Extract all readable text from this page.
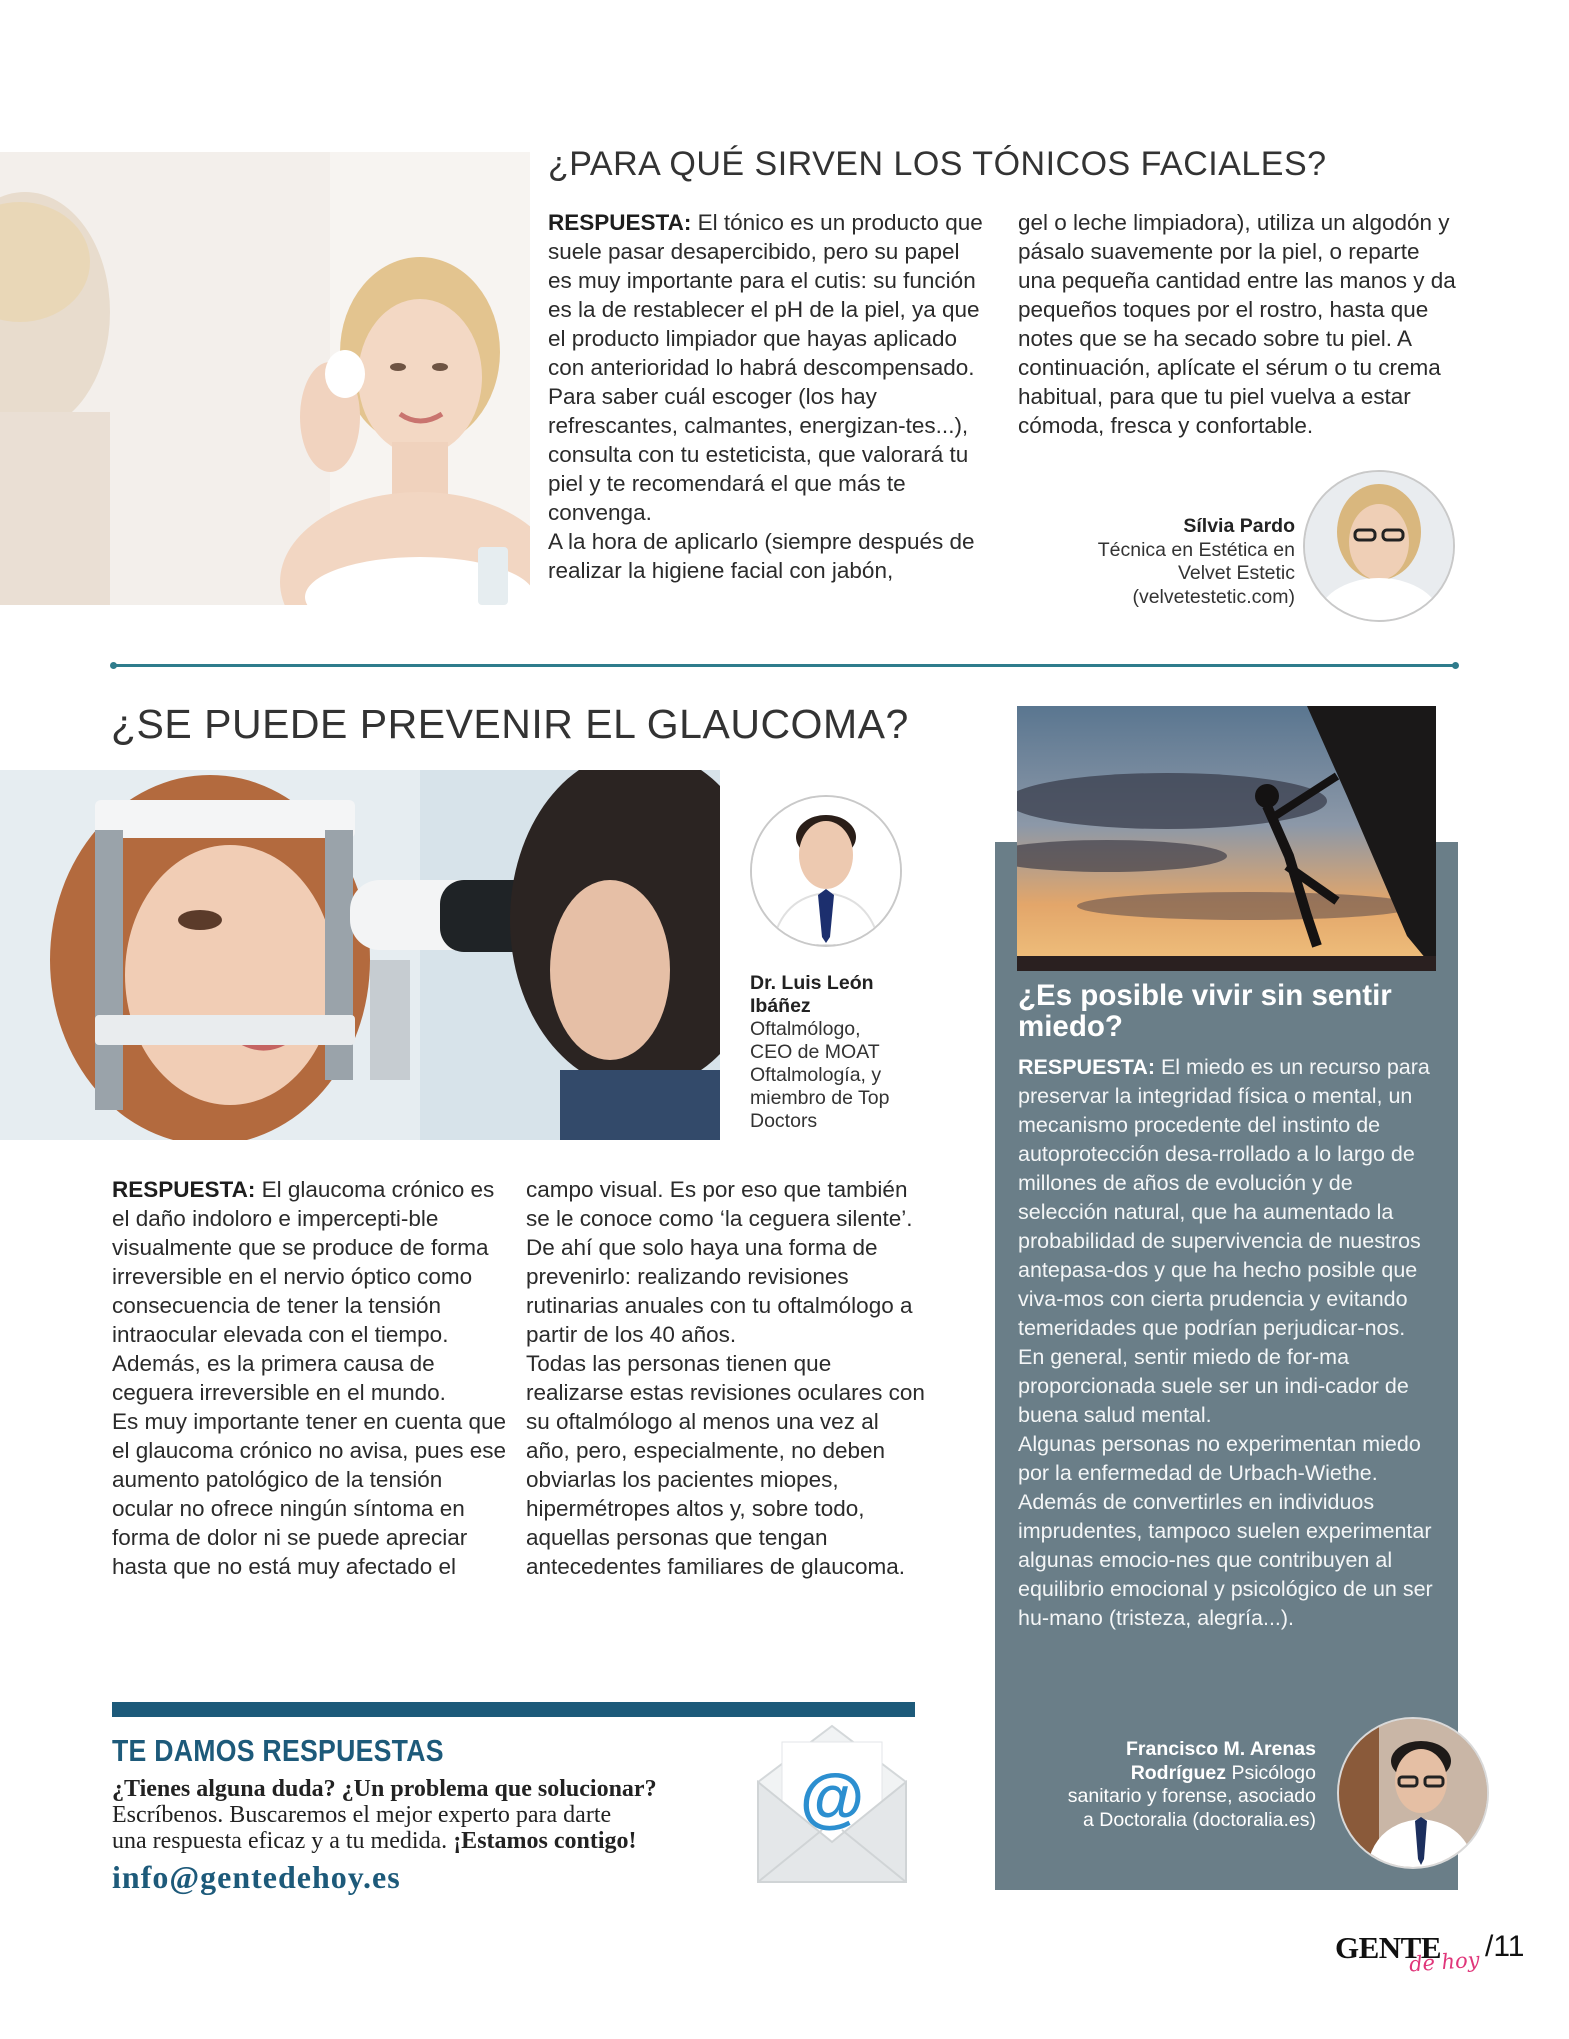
¿PARA QUÉ SIRVEN LOS TÓNICOS FACIALES?

RESPUESTA: El tónico es un producto que suele pasar desapercibido, pero su papel es muy importante para el cutis: su función es la de restablecer el pH de la piel, ya que el producto limpiador que hayas aplicado con anterioridad lo habrá descompensado.

Para saber cuál escoger (los hay refrescantes, calmantes, energizan-tes...), consulta con tu esteticista, que valorará tu piel y te recomendará el que más te convenga.

A la hora de aplicarlo (siempre después de realizar la higiene facial con jabón,

gel o leche limpiadora), utiliza un algodón y pásalo suavemente por la piel, o reparte una pequeña cantidad entre las manos y da pequeños toques por el rostro, hasta que notes que se ha secado sobre tu piel. A continuación, aplícate el sérum o tu crema habitual, para que tu piel vuelva a estar cómoda, fresca y confortable.

Sílvia Pardo
Técnica en Estética en
Velvet Estetic
(velvetestetic.com)
¿SE PUEDE PREVENIR EL GLAUCOMA?
Dr. Luis León
Ibáñez
Oftalmólogo,
CEO de MOAT
Oftalmología, y
miembro de Top
Doctors

RESPUESTA: El glaucoma crónico es el daño indoloro e impercepti-ble visualmente que se produce de forma irreversible en el nervio óptico como consecuencia de tener la tensión intraocular elevada con el tiempo. Además, es la primera causa de ceguera irreversible en el mundo.

Es muy importante tener en cuenta que el glaucoma crónico no avisa, pues ese aumento patológico de la tensión ocular no ofrece ningún síntoma en forma de dolor ni se puede apreciar hasta que no está muy afectado el

campo visual. Es por eso que también se le conoce como ‘la ceguera silente’. De ahí que solo haya una forma de prevenirlo: realizando revisiones rutinarias anuales con tu oftalmólogo a partir de los 40 años.

Todas las personas tienen que realizarse estas revisiones oculares con su oftalmólogo al menos una vez al año, pero, especialmente, no deben obviarlas los pacientes miopes, hipermétropes altos y, sobre todo, aquellas personas que tengan antecedentes familiares de glaucoma.

TE DAMOS RESPUESTAS
¿Tienes alguna duda? ¿Un problema que solucionar?
Escríbenos. Buscaremos el mejor experto para darte
una respuesta eficaz y a tu medida. ¡Estamos contigo!
info@gentedehoy.es
@
¿Es posible vivir sin sentir miedo?

RESPUESTA: El miedo es un recurso para preservar la integridad física o mental, un mecanismo procedente del instinto de autoprotección desa-rrollado a lo largo de millones de años de evolución y de selección natural, que ha aumentado la probabilidad de supervivencia de nuestros antepasa-dos y que ha hecho posible que viva-mos con cierta prudencia y evitando temeridades que podrían perjudicar-nos. En general, sentir miedo de for-ma proporcionada suele ser un indi-cador de buena salud mental.

Algunas personas no experimentan miedo por la enfermedad de Urbach-Wiethe. Además de convertirles en individuos imprudentes, tampoco suelen experimentar algunas emocio-nes que contribuyen al equilibrio emocional y psicológico de un ser hu-mano (tristeza, alegría...).

Francisco M. Arenas
Rodríguez Psicólogo
sanitario y forense, asociado
a Doctoralia (doctoralia.es)
GENTE
de hoy /11
